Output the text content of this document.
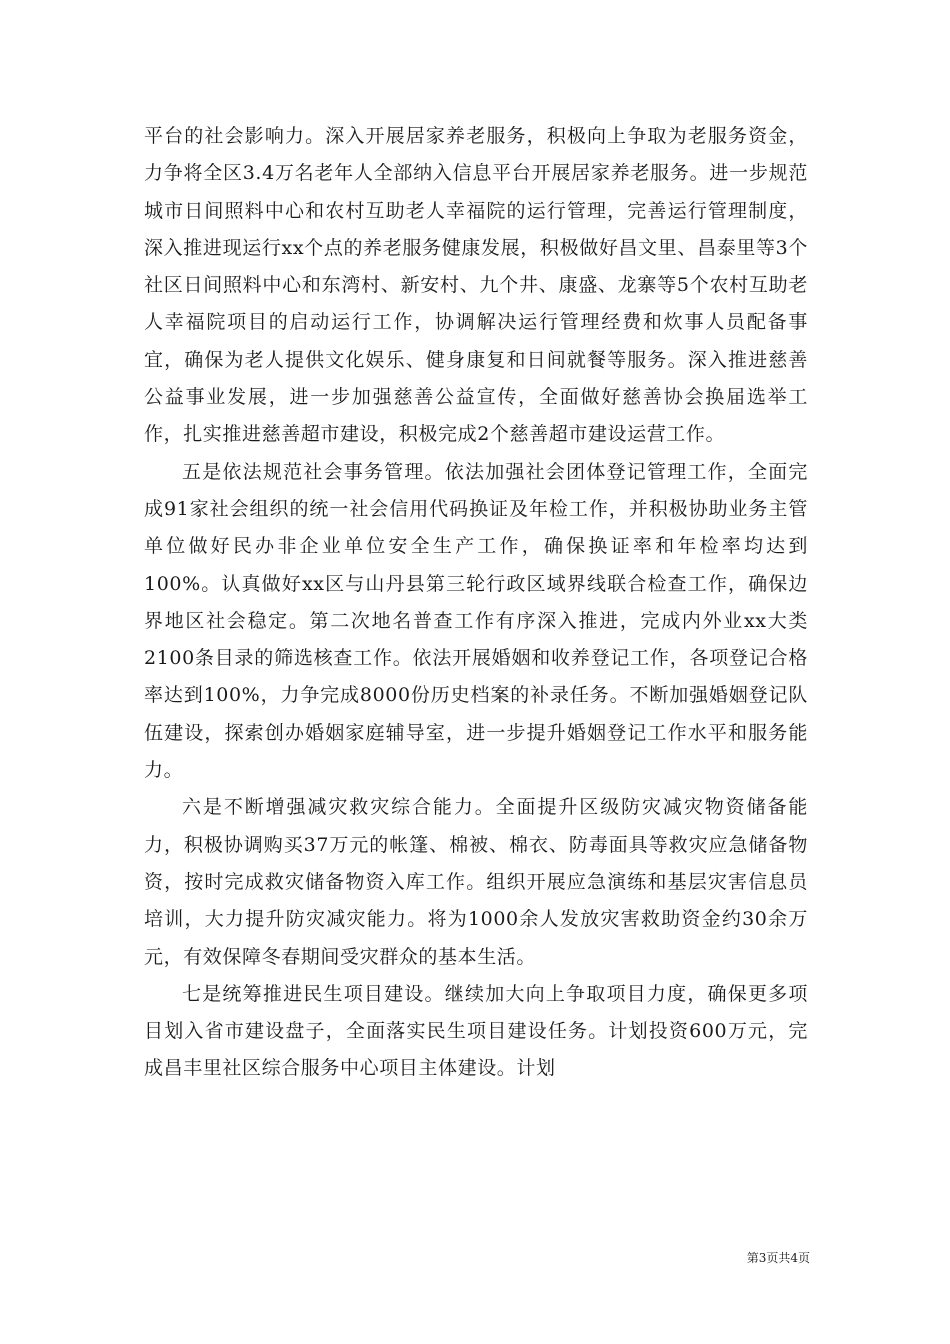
平台的社会影响力。深入开展居家养老服务，积极向上争取为老服务资金，力争将全区3.4万名老年人全部纳入信息平台开展居家养老服务。进一步规范城市日间照料中心和农村互助老人幸福院的运行管理，完善运行管理制度，深入推进现运行xx个点的养老服务健康发展，积极做好昌文里、昌泰里等3个社区日间照料中心和东湾村、新安村、九个井、康盛、龙寨等5个农村互助老人幸福院项目的启动运行工作，协调解决运行管理经费和炊事人员配备事宜，确保为老人提供文化娱乐、健身康复和日间就餐等服务。深入推进慈善公益事业发展，进一步加强慈善公益宣传，全面做好慈善协会换届选举工作，扎实推进慈善超市建设，积极完成2个慈善超市建设运营工作。

五是依法规范社会事务管理。依法加强社会团体登记管理工作，全面完成91家社会组织的统一社会信用代码换证及年检工作，并积极协助业务主管单位做好民办非企业单位安全生产工作，确保换证率和年检率均达到100%。认真做好xx区与山丹县第三轮行政区域界线联合检查工作，确保边界地区社会稳定。第二次地名普查工作有序深入推进，完成内外业xx大类2100条目录的筛选核查工作。依法开展婚姻和收养登记工作，各项登记合格率达到100%，力争完成8000份历史档案的补录任务。不断加强婚姻登记队伍建设，探索创办婚姻家庭辅导室，进一步提升婚姻登记工作水平和服务能力。

六是不断增强减灾救灾综合能力。全面提升区级防灾减灾物资储备能力，积极协调购买37万元的帐篷、棉被、棉衣、防毒面具等救灾应急储备物资，按时完成救灾储备物资入库工作。组织开展应急演练和基层灾害信息员培训，大力提升防灾减灾能力。将为1000余人发放灾害救助资金约30余万元，有效保障冬春期间受灾群众的基本生活。

七是统筹推进民生项目建设。继续加大向上争取项目力度，确保更多项目划入省市建设盘子，全面落实民生项目建设任务。计划投资600万元，完成昌丰里社区综合服务中心项目主体建设。计划

第3页共4页
